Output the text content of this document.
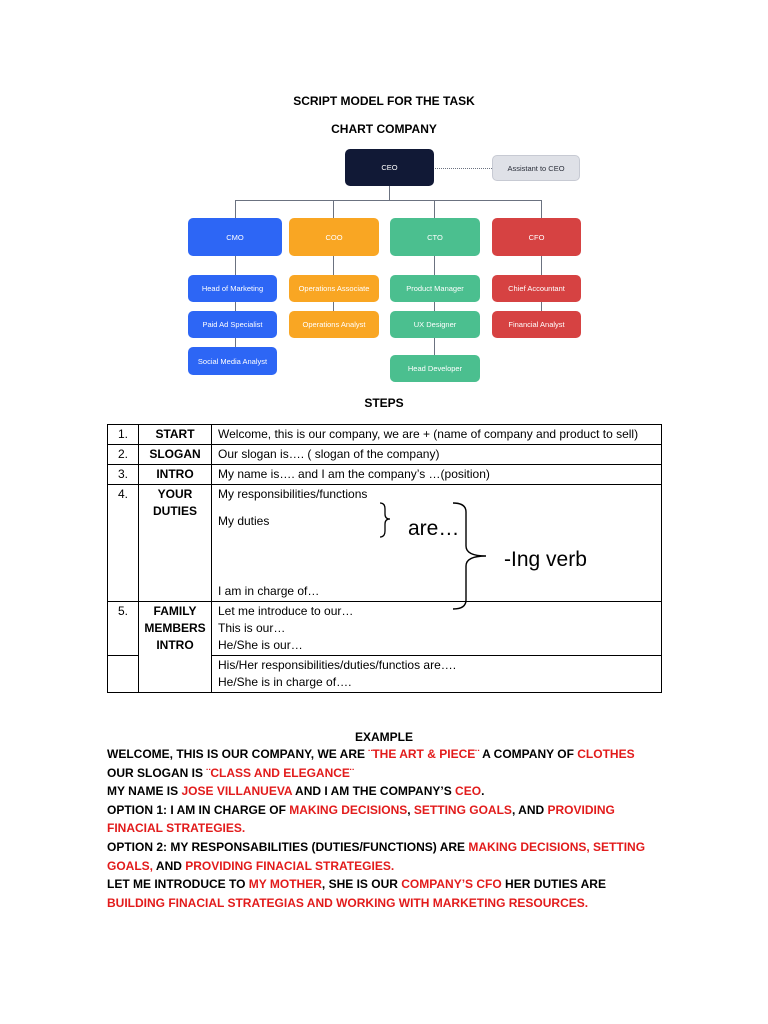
SCRIPT MODEL FOR THE TASK
CHART COMPANY
CEO	Assistant to CEO
CMO	COO	CTO	CFO
Head of Marketing
Paid Ad Specialist
Social Media Analyst
Operations Associate
Operations Analyst
Product Manager
UX Designer
Head Developer
Chief Accountant
Financial Analyst
STEPS
1.	START	Welcome, this is our company, we are + (name of company and product to sell)
2.	SLOGAN	Our slogan is…. ( slogan of the company)
3.	INTRO	My name is…. and I am the company’s …(position)
4.	YOUR DUTIES	My responsibilities/functions
My duties
I am in charge of…

5.	FAMILY MEMBERS INTRO	Let me introduce to our…
This is our…
He/She is our…

		His/Her responsibilities/duties/functios are….
He/She is in charge of….
are…
-Ing verb
EXAMPLE
WELCOME, THIS IS OUR COMPANY, WE ARE ¨THE ART & PIECE¨ A COMPANY OF CLOTHES
OUR SLOGAN IS ¨CLASS AND ELEGANCE¨
MY NAME IS JOSE VILLANUEVA AND I AM THE COMPANY’S CEO.
OPTION 1: I AM IN CHARGE OF MAKING DECISIONS, SETTING GOALS, AND PROVIDING FINACIAL STRATEGIES.
OPTION 2: MY RESPONSABILITIES (DUTIES/FUNCTIONS) ARE MAKING DECISIONS, SETTING GOALS, AND PROVIDING FINACIAL STRATEGIES.
LET ME INTRODUCE TO MY MOTHER, SHE IS OUR COMPANY’S CFO HER DUTIES ARE BUILDING FINACIAL STRATEGIAS AND WORKING WITH MARKETING RESOURCES.
